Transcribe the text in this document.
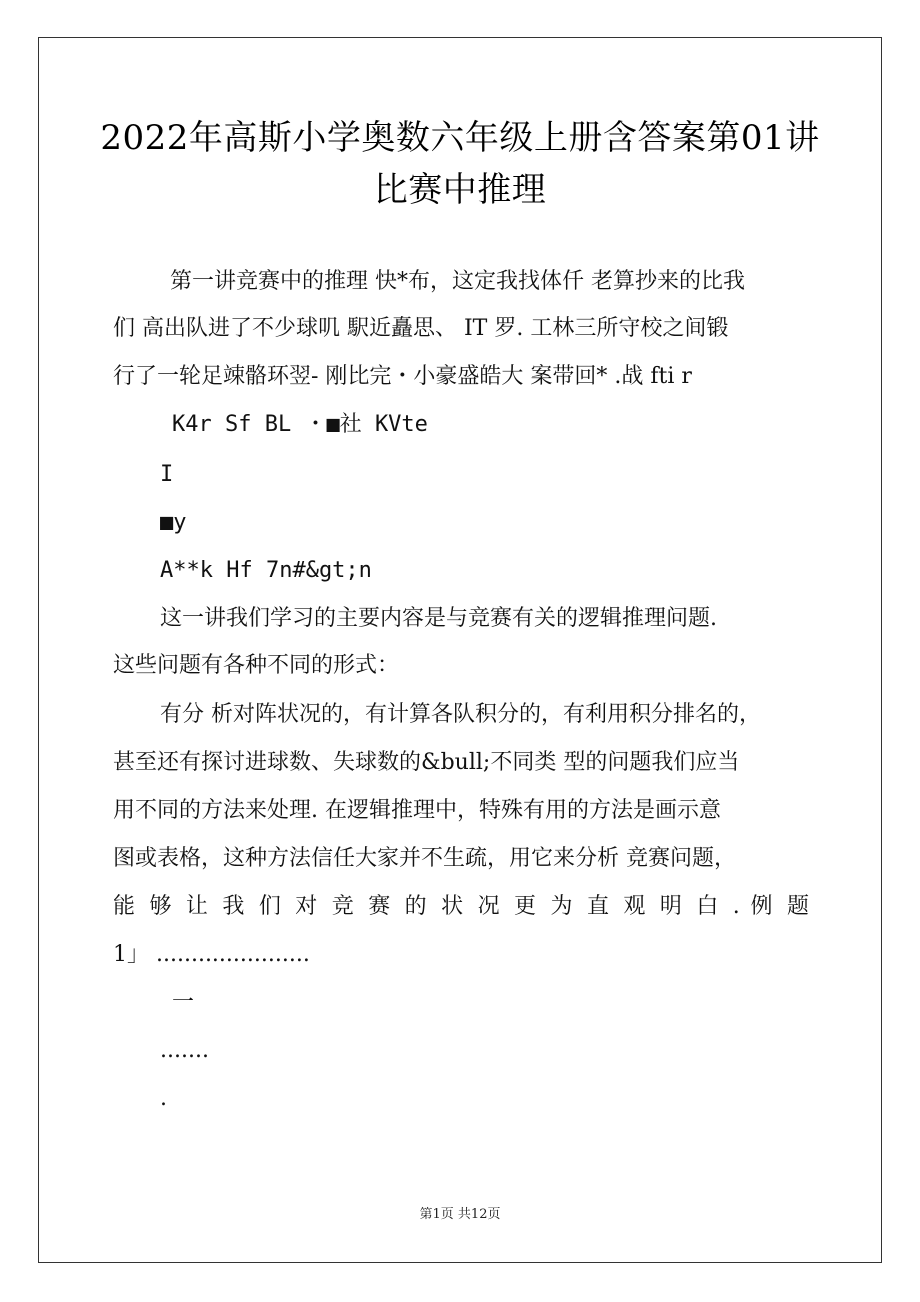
2022年高斯小学奥数六年级上册含答案第01讲
比赛中推理
第一讲竞赛中的推理 快*布，这定我找体仟 老算抄来的比我
们 高出队进了不少球叽 駅近矗思、 IT 罗. 工林三所守校之间锻
行了一轮足竦骼环翌- 刚比完・小豪盛皓大 案带回* .战 fti r
K4r Sf BL ・■社 KVte
I
■y
A**k Hf 7n#&gt;n
这一讲我们学习的主要内容是与竞赛有关的逻辑推理问题.
这些问题有各种不同的形式：
有分 析对阵状况的，有计算各队积分的，有利用积分排名的，
甚至还有探讨进球数、失球数的&bull;不同类 型的问题我们应当
用不同的方法来处理. 在逻辑推理中，特殊有用的方法是画示意
图或表格，这种方法信任大家并不生疏，用它来分析 竞赛问题，
能 够 让 我 们 对 竞 赛 的 状 况 更 为 直 观 明 白 . 例 题
1」 ......................
一
.......
.
第1页 共12页
